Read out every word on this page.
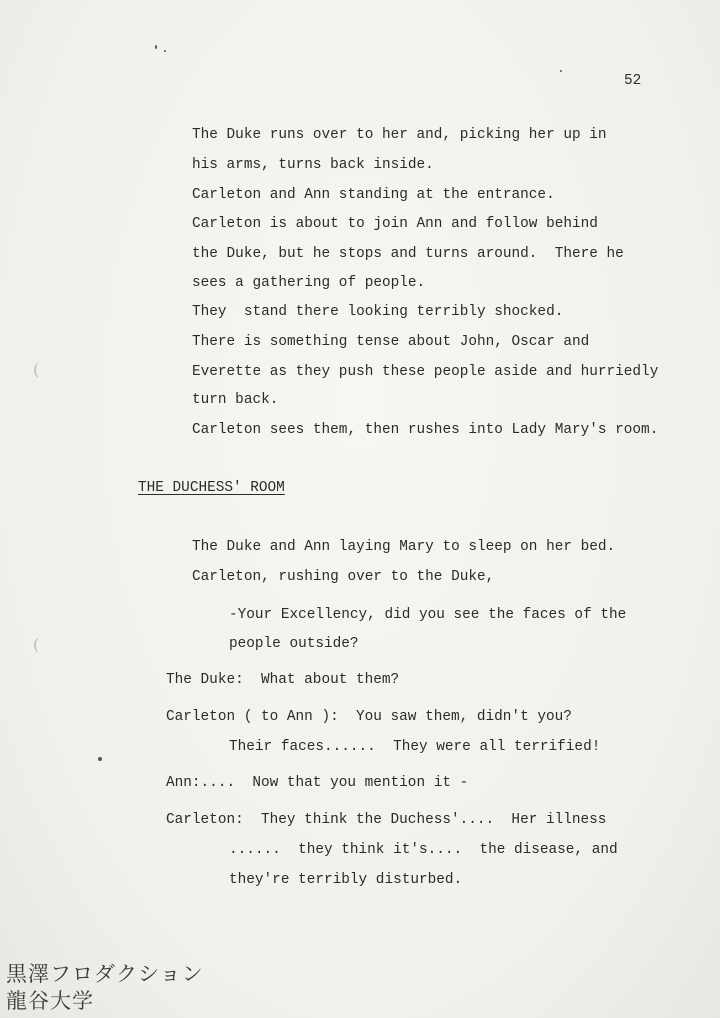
52
(
(
The Duke runs over to her and, picking her up in
his arms, turns back inside.
Carleton and Ann standing at the entrance.
Carleton is about to join Ann and follow behind
the Duke, but he stops and turns around.  There he
sees a gathering of people.
They  stand there looking terribly shocked.
There is something tense about John, Oscar and
Everette as they push these people aside and hurriedly
turn back.
Carleton sees them, then rushes into Lady Mary's room.
THE DUCHESS' ROOM
The Duke and Ann laying Mary to sleep on her bed.
Carleton, rushing over to the Duke,
-Your Excellency, did you see the faces of the
people outside?
The Duke:  What about them?
Carleton ( to Ann ):  You saw them, didn't you?
Their faces......  They were all terrified!
Ann:....  Now that you mention it -
Carleton:  They think the Duchess'....  Her illness
......  they think it's....  the disease, and
they're terribly disturbed.
黒澤フロダクション
龍谷大学
